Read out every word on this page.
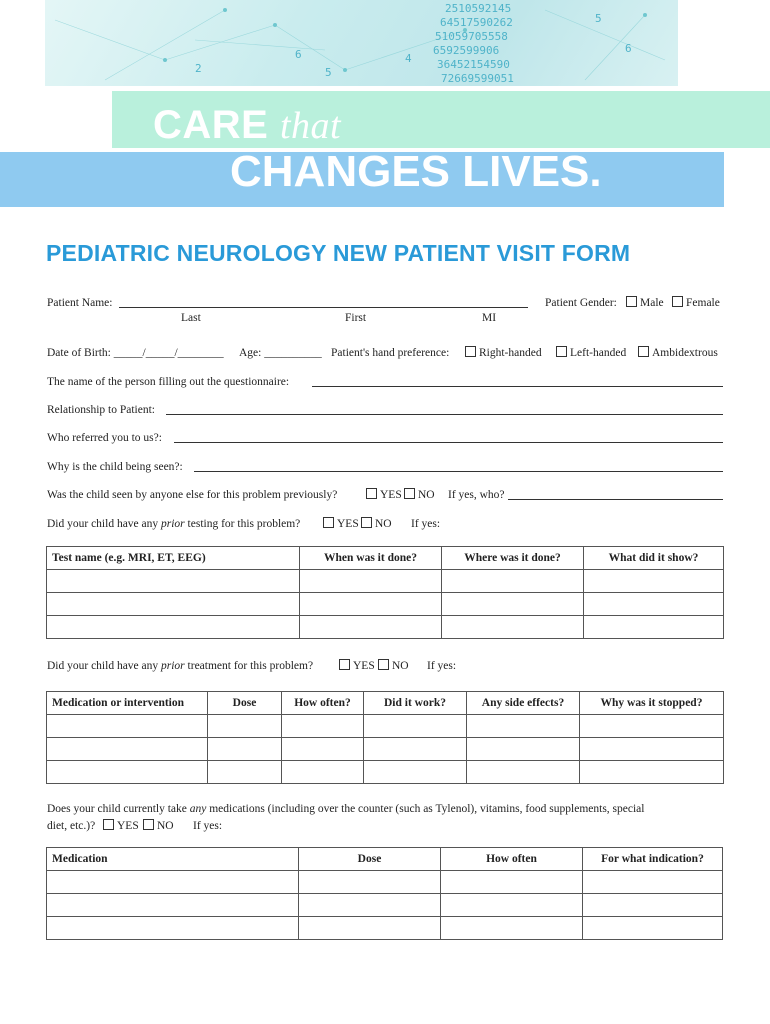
2510592145
64517590262
51059705558
6592599906
36452154590
72669599051
2
6
5
4
5
6
CARE that
CHANGES LIVES.
PEDIATRIC NEUROLOGY NEW PATIENT VISIT FORM
Patient Name:
Last	First	MI
Patient Gender:	Male	Female
Date of Birth: _____/_____/________ Age: __________ Patient's hand preference:	Right-handed	Left-handed	Ambidextrous
The name of the person filling out the questionnaire:
Relationship to Patient:
Who referred you to us?:
Why is the child being seen?:
Was the child seen by anyone else for this problem previously?	YES	NO If yes, who?
Did your child have any prior testing for this problem?	YES	NO If yes:
Test name (e.g. MRI, ET, EEG)	When was it done?	Where was it done?	What did it show?

Did your child have any prior treatment for this problem?	YES	NO If yes:
Medication or intervention	Dose	How often?	Did it work?	Any side effects?	Why was it stopped?

Does your child currently take any medications (including over the counter (such as Tylenol), vitamins, food supplements, special
diet, etc.)?	YES	NO If yes:
Medication	Dose	How often	For what indication?
